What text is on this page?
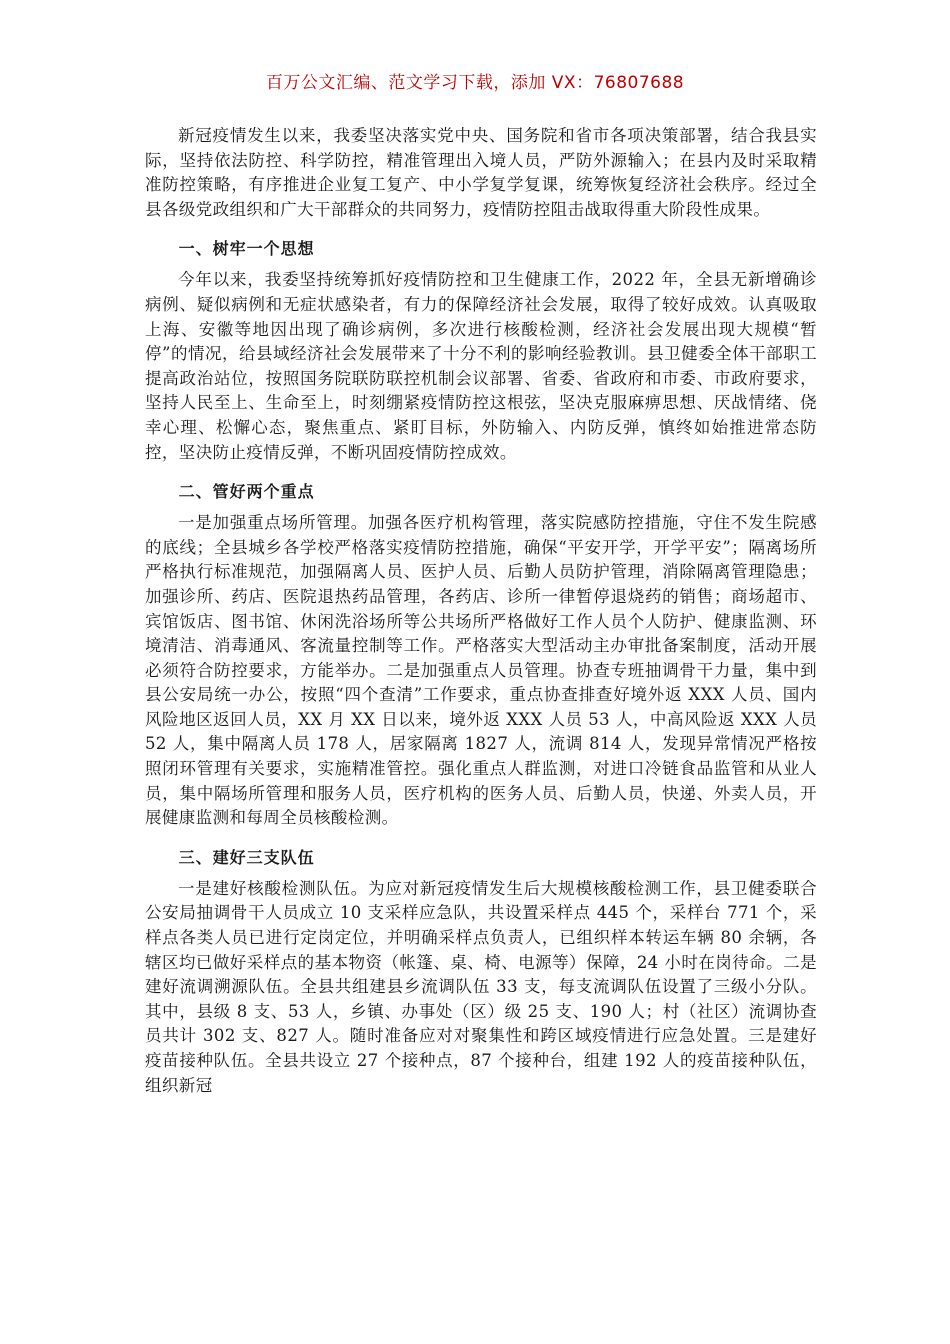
百万公文汇编、范文学习下载，添加 VX：76807688

新冠疫情发生以来，我委坚决落实党中央、国务院和省市各项决策部署，结合我县实际，坚持依法防控、科学防控，精准管理出入境人员，严防外源输入；在县内及时采取精准防控策略，有序推进企业复工复产、中小学复学复课，统筹恢复经济社会秩序。经过全县各级党政组织和广大干部群众的共同努力，疫情防控阻击战取得重大阶段性成果。

一、树牢一个思想

今年以来，我委坚持统筹抓好疫情防控和卫生健康工作，2022 年，全县无新增确诊病例、疑似病例和无症状感染者，有力的保障经济社会发展，取得了较好成效。认真吸取上海、安徽等地因出现了确诊病例，多次进行核酸检测，经济社会发展出现大规模“暂停”的情况，给县域经济社会发展带来了十分不利的影响经验教训。县卫健委全体干部职工提高政治站位，按照国务院联防联控机制会议部署、省委、省政府和市委、市政府要求，坚持人民至上、生命至上，时刻绷紧疫情防控这根弦，坚决克服麻痹思想、厌战情绪、侥幸心理、松懈心态，聚焦重点、紧盯目标，外防输入、内防反弹，慎终如始推进常态防控，坚决防止疫情反弹，不断巩固疫情防控成效。

二、管好两个重点

一是加强重点场所管理。加强各医疗机构管理，落实院感防控措施，守住不发生院感的底线；全县城乡各学校严格落实疫情防控措施，确保“平安开学，开学平安”；隔离场所严格执行标准规范，加强隔离人员、医护人员、后勤人员防护管理，消除隔离管理隐患；加强诊所、药店、医院退热药品管理，各药店、诊所一律暂停退烧药的销售；商场超市、宾馆饭店、图书馆、休闲洗浴场所等公共场所严格做好工作人员个人防护、健康监测、环境清洁、消毒通风、客流量控制等工作。严格落实大型活动主办审批备案制度，活动开展必须符合防控要求，方能举办。二是加强重点人员管理。协查专班抽调骨干力量，集中到县公安局统一办公，按照“四个查清”工作要求，重点协查排查好境外返 XXX 人员、国内风险地区返回人员，XX 月 XX 日以来，境外返 XXX 人员 53 人，中高风险返 XXX 人员 52 人，集中隔离人员 178 人，居家隔离 1827 人，流调 814 人，发现异常情况严格按照闭环管理有关要求，实施精准管控。强化重点人群监测，对进口冷链食品监管和从业人员，集中隔场所管理和服务人员，医疗机构的医务人员、后勤人员，快递、外卖人员，开展健康监测和每周全员核酸检测。

三、建好三支队伍

一是建好核酸检测队伍。为应对新冠疫情发生后大规模核酸检测工作，县卫健委联合公安局抽调骨干人员成立 10 支采样应急队，共设置采样点 445 个，采样台 771 个，采样点各类人员已进行定岗定位，并明确采样点负责人，已组织样本转运车辆 80 余辆，各辖区均已做好采样点的基本物资（帐篷、桌、椅、电源等）保障，24 小时在岗待命。二是建好流调溯源队伍。全县共组建县乡流调队伍 33 支，每支流调队伍设置了三级小分队。其中，县级 8 支、53 人，乡镇、办事处（区）级 25 支、190 人；村（社区）流调协查员共计 302 支、827 人。随时准备应对对聚集性和跨区域疫情进行应急处置。三是建好疫苗接种队伍。全县共设立 27 个接种点，87 个接种台，组建 192 人的疫苗接种队伍，组织新冠
